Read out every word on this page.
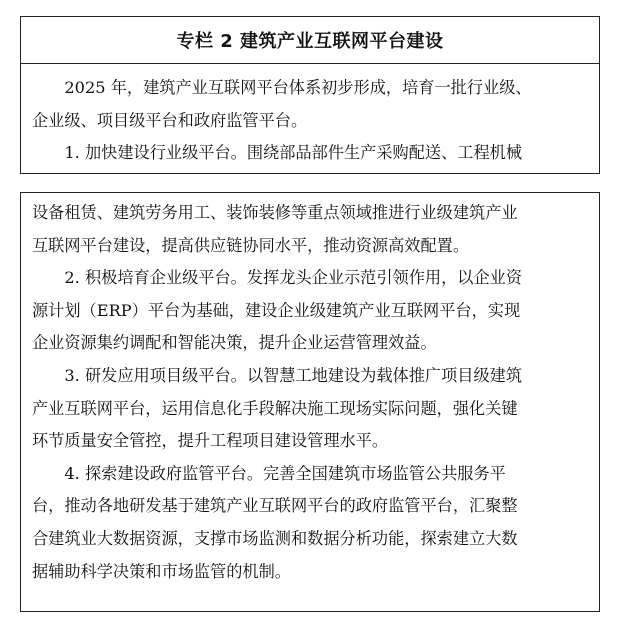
专栏 2 建筑产业互联网平台建设
　　2025 年，建筑产业互联网平台体系初步形成，培育一批行业级、
企业级、项目级平台和政府监管平台。
　　1. 加快建设行业级平台。围绕部品部件生产采购配送、工程机械
设备租赁、建筑劳务用工、装饰装修等重点领域推进行业级建筑产业
互联网平台建设，提高供应链协同水平，推动资源高效配置。
　　2. 积极培育企业级平台。发挥龙头企业示范引领作用，以企业资
源计划（ERP）平台为基础，建设企业级建筑产业互联网平台，实现
企业资源集约调配和智能决策，提升企业运营管理效益。
　　3. 研发应用项目级平台。以智慧工地建设为载体推广项目级建筑
产业互联网平台，运用信息化手段解决施工现场实际问题，强化关键
环节质量安全管控，提升工程项目建设管理水平。
　　4. 探索建设政府监管平台。完善全国建筑市场监管公共服务平
台，推动各地研发基于建筑产业互联网平台的政府监管平台，汇聚整
合建筑业大数据资源，支撑市场监测和数据分析功能，探索建立大数
据辅助科学决策和市场监管的机制。
